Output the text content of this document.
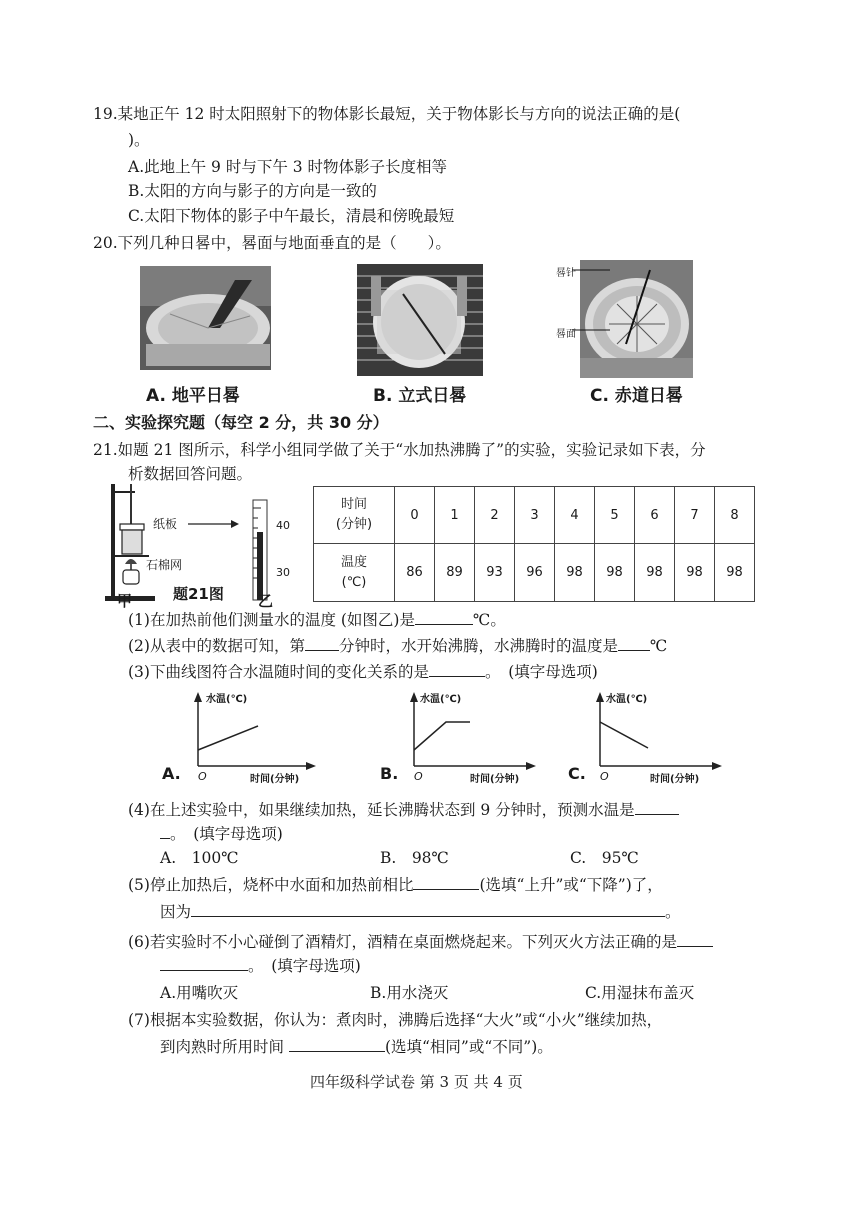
19.某地正午 12 时太阳照射下的物体影长最短，关于物体影长与方向的说法正确的是(
)。
A.此地上午 9 时与下午 3 时物体影子长度相等
B.太阳的方向与影子的方向是一致的
C.太阳下物体的影子中午最长，清晨和傍晚最短
20.下列几种日晷中，晷面与地面垂直的是（　　）。
A. 地平日晷	B. 立式日晷
晷针
晷面
C. 赤道日晷
二、实验探究题（每空 2 分，共 30 分）
21.如题 21 图所示，科学小组同学做了关于“水加热沸腾了”的实验，实验记录如下表，分
析数据回答问题。
纸板
石棉网
40
30
题21图
甲	乙
时间
(分钟)	0	1	2	3	4	5	6	7	8
温度
(℃)	86	89	93	96	98	98	98	98	98
(1)在加热前他们测量水的温度 (如图乙)是	℃。
(2)从表中的数据可知，第 分钟时，水开始沸腾，水沸腾时的温度是 ℃
(3)下曲线图符合水温随时间的变化关系的是	。　(填字母选项)
水温(℃)
O	时间(分钟)
A.
水温(℃)
O	时间(分钟)
B.
水温(℃)
O	时间(分钟)
C.
(4)在上述实验中，如果继续加热，延长沸腾状态到 9 分钟时，预测水温是
。　(填字母选项)
A.　100℃	B.　98℃	C.　95℃
(5)停止加热后，烧杯中水面和加热前相比	(选填“上升”或“下降”)了，
因为	。
(6)若实验时不小心碰倒了酒精灯，酒精在桌面燃烧起来。下列灭火方法正确的是
。　(填字母选项)
A.用嘴吹灭	B.用水浇灭	C.用湿抹布盖灭
(7)根据本实验数据，你认为：煮肉时，沸腾后选择“大火”或“小火”继续加热，
到肉熟时所用时间	(选填“相同”或“不同”)。
四年级科学试卷 第 3 页 共 4 页
